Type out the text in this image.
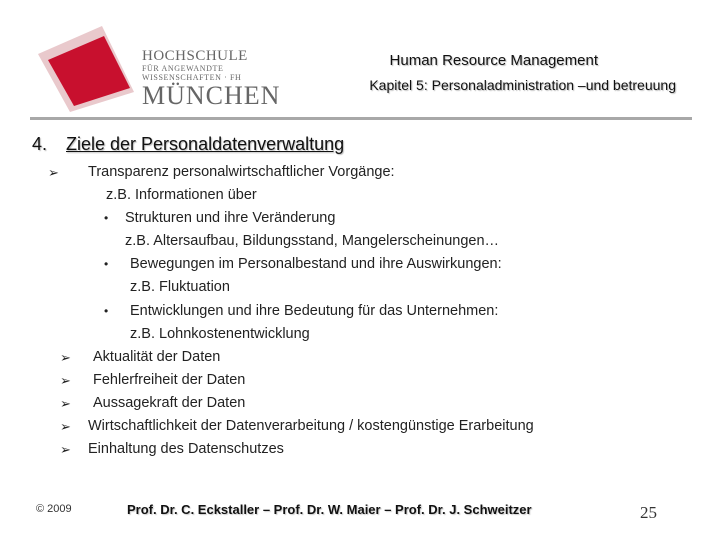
HOCHSCHULE
FÜR ANGEWANDTE
WISSENSCHAFTEN · FH
MÜNCHEN
Human Resource Management
Kapitel 5: Personaladministration –und betreuung
4. Ziele der Personaldatenverwaltung
➢ Transparenz personalwirtschaftlicher Vorgänge:
z.B. Informationen über
• Strukturen und ihre Veränderung
z.B. Altersaufbau, Bildungsstand, Mangelerscheinungen…
• Bewegungen im Personalbestand und ihre Auswirkungen:
z.B. Fluktuation
• Entwicklungen und ihre Bedeutung für das Unternehmen:
z.B. Lohnkostenentwicklung
➢ Aktualität der Daten
➢ Fehlerfreiheit der Daten
➢ Aussagekraft der Daten
➢ Wirtschaftlichkeit der Datenverarbeitung / kostengünstige Erarbeitung
➢ Einhaltung des Datenschutzes
© 2009	Prof. Dr. C. Eckstaller – Prof. Dr. W. Maier – Prof. Dr. J. Schweitzer	25
